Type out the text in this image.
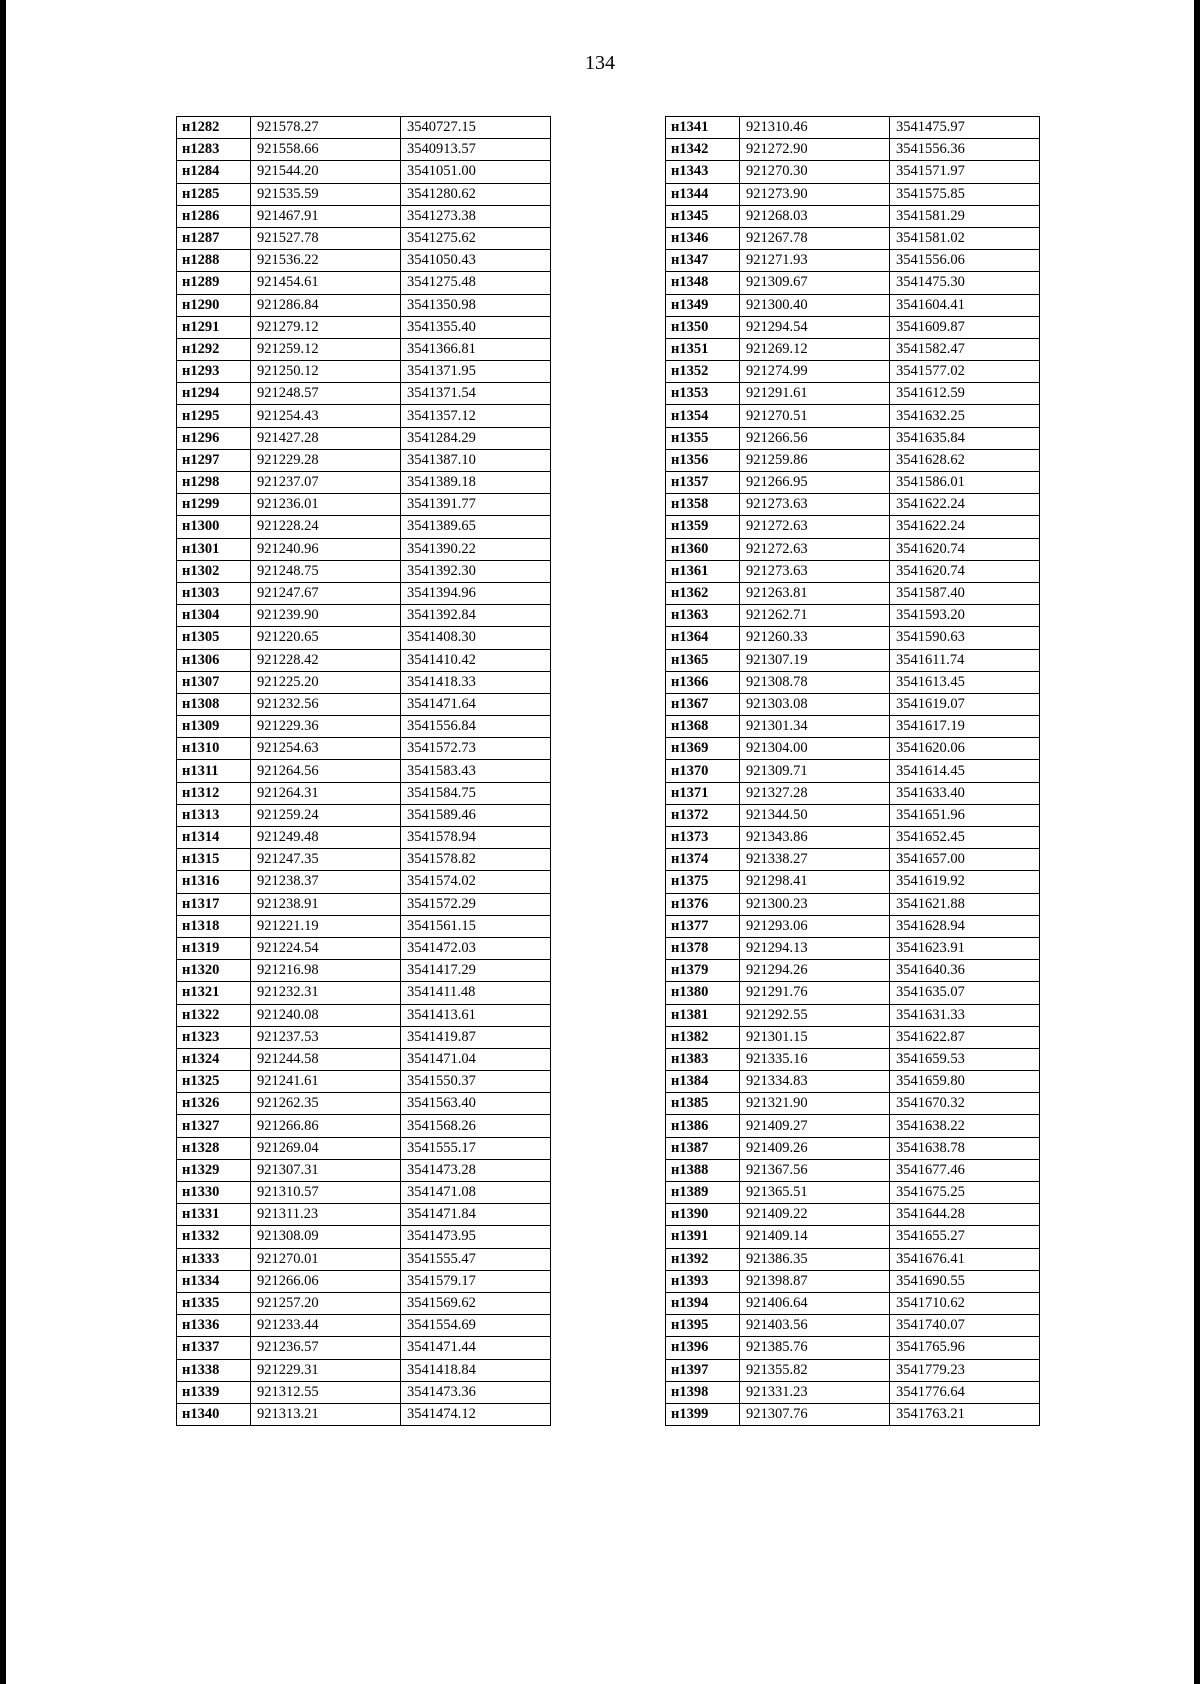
134
н1282	921578.27	3540727.15
н1283	921558.66	3540913.57
н1284	921544.20	3541051.00
н1285	921535.59	3541280.62
н1286	921467.91	3541273.38
н1287	921527.78	3541275.62
н1288	921536.22	3541050.43
н1289	921454.61	3541275.48
н1290	921286.84	3541350.98
н1291	921279.12	3541355.40
н1292	921259.12	3541366.81
н1293	921250.12	3541371.95
н1294	921248.57	3541371.54
н1295	921254.43	3541357.12
н1296	921427.28	3541284.29
н1297	921229.28	3541387.10
н1298	921237.07	3541389.18
н1299	921236.01	3541391.77
н1300	921228.24	3541389.65
н1301	921240.96	3541390.22
н1302	921248.75	3541392.30
н1303	921247.67	3541394.96
н1304	921239.90	3541392.84
н1305	921220.65	3541408.30
н1306	921228.42	3541410.42
н1307	921225.20	3541418.33
н1308	921232.56	3541471.64
н1309	921229.36	3541556.84
н1310	921254.63	3541572.73
н1311	921264.56	3541583.43
н1312	921264.31	3541584.75
н1313	921259.24	3541589.46
н1314	921249.48	3541578.94
н1315	921247.35	3541578.82
н1316	921238.37	3541574.02
н1317	921238.91	3541572.29
н1318	921221.19	3541561.15
н1319	921224.54	3541472.03
н1320	921216.98	3541417.29
н1321	921232.31	3541411.48
н1322	921240.08	3541413.61
н1323	921237.53	3541419.87
н1324	921244.58	3541471.04
н1325	921241.61	3541550.37
н1326	921262.35	3541563.40
н1327	921266.86	3541568.26
н1328	921269.04	3541555.17
н1329	921307.31	3541473.28
н1330	921310.57	3541471.08
н1331	921311.23	3541471.84
н1332	921308.09	3541473.95
н1333	921270.01	3541555.47
н1334	921266.06	3541579.17
н1335	921257.20	3541569.62
н1336	921233.44	3541554.69
н1337	921236.57	3541471.44
н1338	921229.31	3541418.84
н1339	921312.55	3541473.36
н1340	921313.21	3541474.12
н1341	921310.46	3541475.97
н1342	921272.90	3541556.36
н1343	921270.30	3541571.97
н1344	921273.90	3541575.85
н1345	921268.03	3541581.29
н1346	921267.78	3541581.02
н1347	921271.93	3541556.06
н1348	921309.67	3541475.30
н1349	921300.40	3541604.41
н1350	921294.54	3541609.87
н1351	921269.12	3541582.47
н1352	921274.99	3541577.02
н1353	921291.61	3541612.59
н1354	921270.51	3541632.25
н1355	921266.56	3541635.84
н1356	921259.86	3541628.62
н1357	921266.95	3541586.01
н1358	921273.63	3541622.24
н1359	921272.63	3541622.24
н1360	921272.63	3541620.74
н1361	921273.63	3541620.74
н1362	921263.81	3541587.40
н1363	921262.71	3541593.20
н1364	921260.33	3541590.63
н1365	921307.19	3541611.74
н1366	921308.78	3541613.45
н1367	921303.08	3541619.07
н1368	921301.34	3541617.19
н1369	921304.00	3541620.06
н1370	921309.71	3541614.45
н1371	921327.28	3541633.40
н1372	921344.50	3541651.96
н1373	921343.86	3541652.45
н1374	921338.27	3541657.00
н1375	921298.41	3541619.92
н1376	921300.23	3541621.88
н1377	921293.06	3541628.94
н1378	921294.13	3541623.91
н1379	921294.26	3541640.36
н1380	921291.76	3541635.07
н1381	921292.55	3541631.33
н1382	921301.15	3541622.87
н1383	921335.16	3541659.53
н1384	921334.83	3541659.80
н1385	921321.90	3541670.32
н1386	921409.27	3541638.22
н1387	921409.26	3541638.78
н1388	921367.56	3541677.46
н1389	921365.51	3541675.25
н1390	921409.22	3541644.28
н1391	921409.14	3541655.27
н1392	921386.35	3541676.41
н1393	921398.87	3541690.55
н1394	921406.64	3541710.62
н1395	921403.56	3541740.07
н1396	921385.76	3541765.96
н1397	921355.82	3541779.23
н1398	921331.23	3541776.64
н1399	921307.76	3541763.21
